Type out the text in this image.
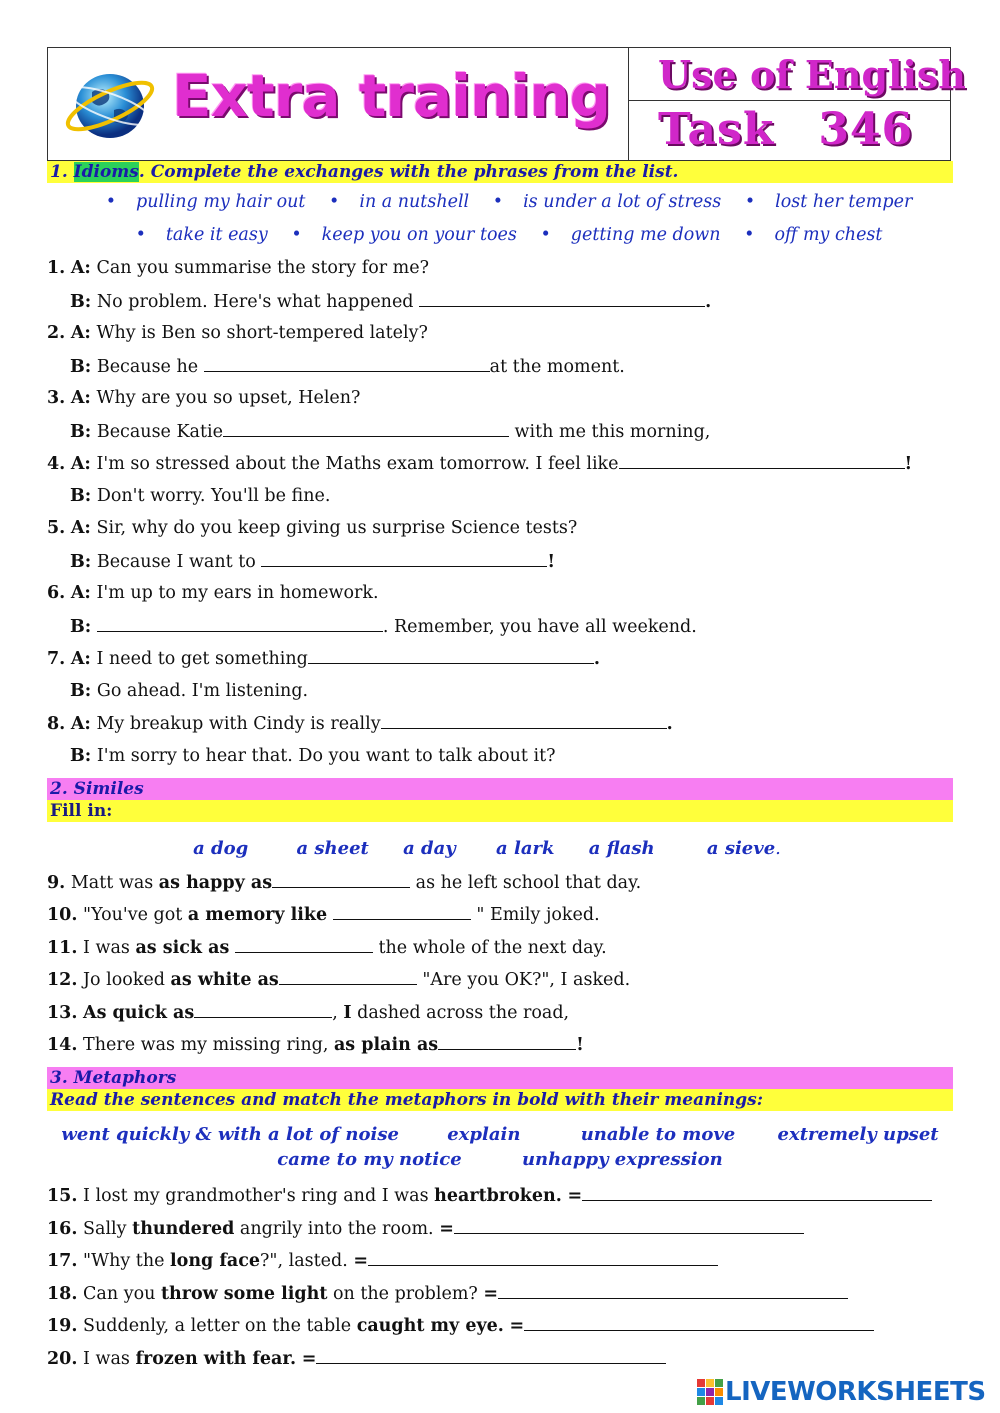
Extra training Use of English
Task 346
1. Idioms. Complete the exchanges with the phrases from the list.
• pulling my hair out • in a nutshell • is under a lot of stress • lost her temper
• take it easy • keep you on your toes • getting me down • off my chest
1. A: Can you summarise the story for me?
B: No problem. Here's what happened	.
2. A: Why is Ben so short-tempered lately?
B: Because he	at the moment.
3. A: Why are you so upset, Helen?
B: Because Katie	with me this morning,
4. A: I'm so stressed about the Maths exam tomorrow. I feel like	!
B: Don't worry. You'll be fine.
5. A: Sir, why do you keep giving us surprise Science tests?
B: Because I want to	!
6. A: I'm up to my ears in homework.
B:	. Remember, you have all weekend.
7. A: I need to get something	.
B: Go ahead. I'm listening.
8. A: My breakup with Cindy is really	.
B: I'm sorry to hear that. Do you want to talk about it?
2. Similes
Fill in:
a dog	a sheet a day a lark a flash	a sieve.
9. Matt was as happy as	as he left school that day.
10. "You've got a memory like	" Emily joked.
11. I was as sick as	the whole of the next day.
12. Jo looked as white as	"Are you OK?", I asked.
13. As quick as	, I dashed across the road,
14. There was my missing ring, as plain as	!
3. Metaphors
Read the sentences and match the metaphors in bold with their meanings:
went quickly & with a lot of noise	explain	unable to move extremely upset
came to my notice	unhappy expression
15. I lost my grandmother's ring and I was heartbroken. =
16. Sally thundered angrily into the room. =
17. "Why the long face?", lasted. =
18. Can you throw some light on the problem? =
19. Suddenly, a letter on the table caught my eye. =
20. I was frozen with fear. =
LIVEWORKSHEETS
